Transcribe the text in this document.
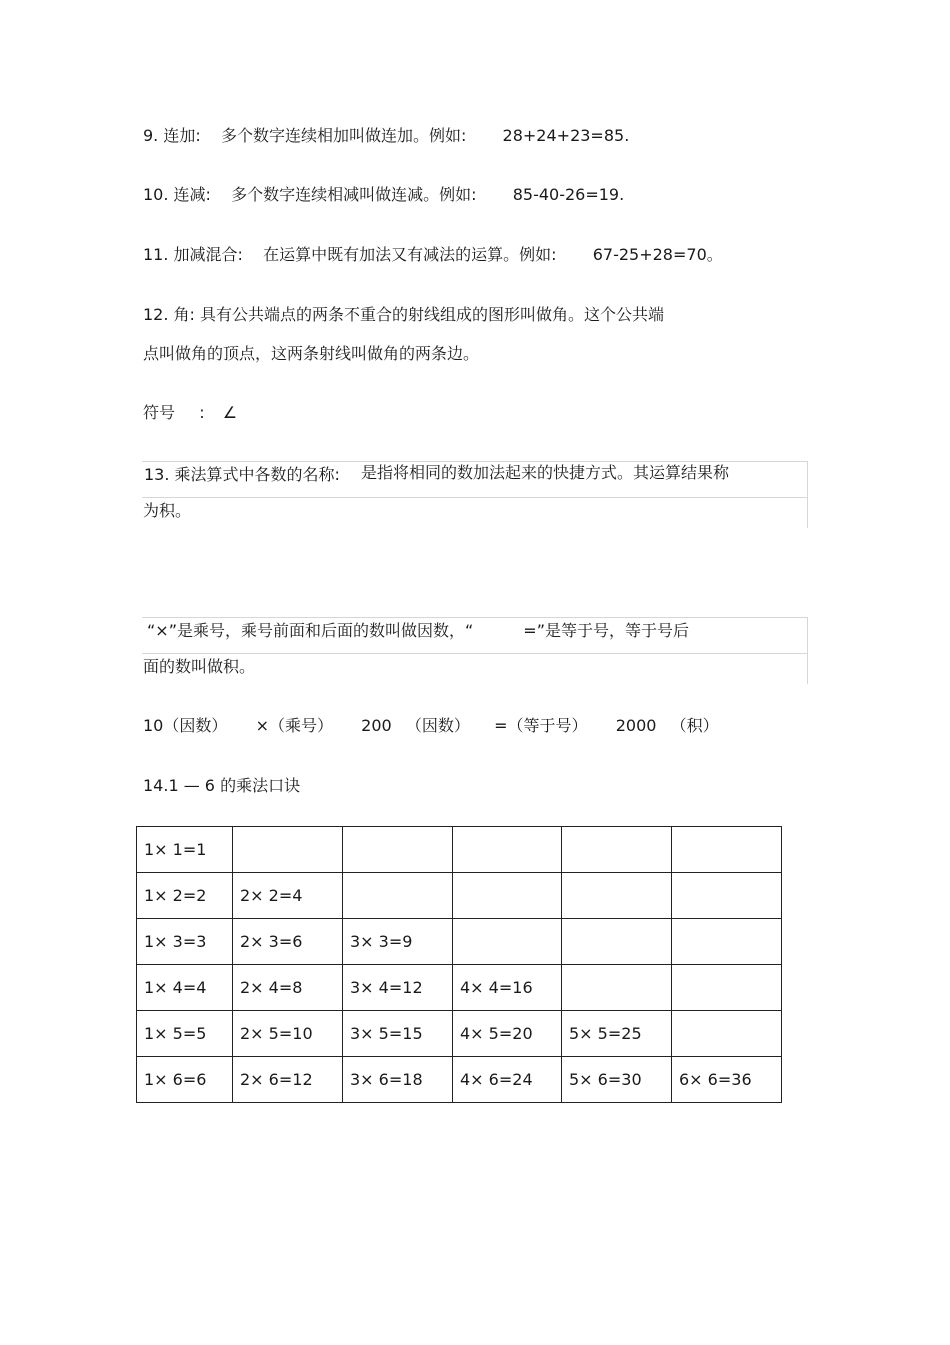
9. 连加: 多个数字连续相加叫做连加。例如: 28+24+23=85.
10. 连减: 多个数字连续相减叫做连减。例如: 85-40-26=19.
11. 加减混合: 在运算中既有加法又有减法的运算。例如: 67-25+28=70。
12. 角: 具有公共端点的两条不重合的射线组成的图形叫做角。这个公共端
点叫做角的顶点，这两条射线叫做角的两条边。
符号 : ∠
13. 乘法算式中各数的名称: 是指将相同的数加法起来的快捷方式。其运算结果称
为积。
“×”是乘号，乘号前面和后面的数叫做因数，“	=”是等于号，等于号后
面的数叫做积。
10（因数） ×（乘号） 200 （因数） =（等于号） 2000 （积）
14.1 — 6 的乘法口诀
1× 1=1					
1× 2=2	2× 2=4				
1× 3=3	2× 3=6	3× 3=9			
1× 4=4	2× 4=8	3× 4=12	4× 4=16		
1× 5=5	2× 5=10	3× 5=15	4× 5=20	5× 5=25	
1× 6=6	2× 6=12	3× 6=18	4× 6=24	5× 6=30	6× 6=36
